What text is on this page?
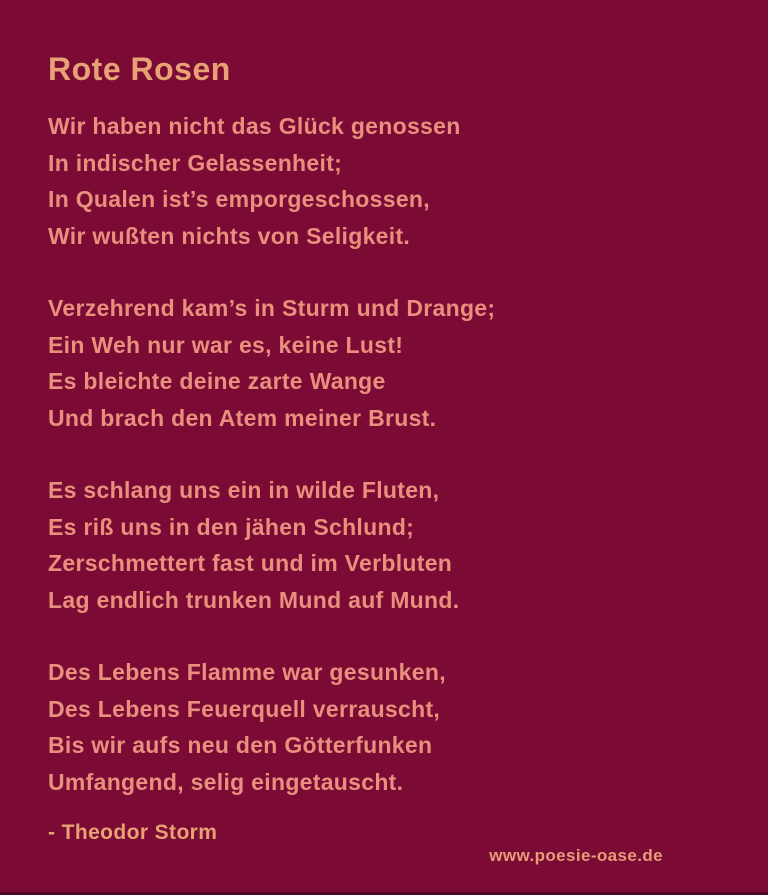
Rote Rosen
Wir haben nicht das Glück genossen
In indischer Gelassenheit;
In Qualen ist’s emporgeschossen,
Wir wußten nichts von Seligkeit.
Verzehrend kam’s in Sturm und Drange;
Ein Weh nur war es, keine Lust!
Es bleichte deine zarte Wange
Und brach den Atem meiner Brust.
Es schlang uns ein in wilde Fluten,
Es riß uns in den jähen Schlund;
Zerschmettert fast und im Verbluten
Lag endlich trunken Mund auf Mund.
Des Lebens Flamme war gesunken,
Des Lebens Feuerquell verrauscht,
Bis wir aufs neu den Götterfunken
Umfangend, selig eingetauscht.
- Theodor Storm
www.poesie-oase.de
